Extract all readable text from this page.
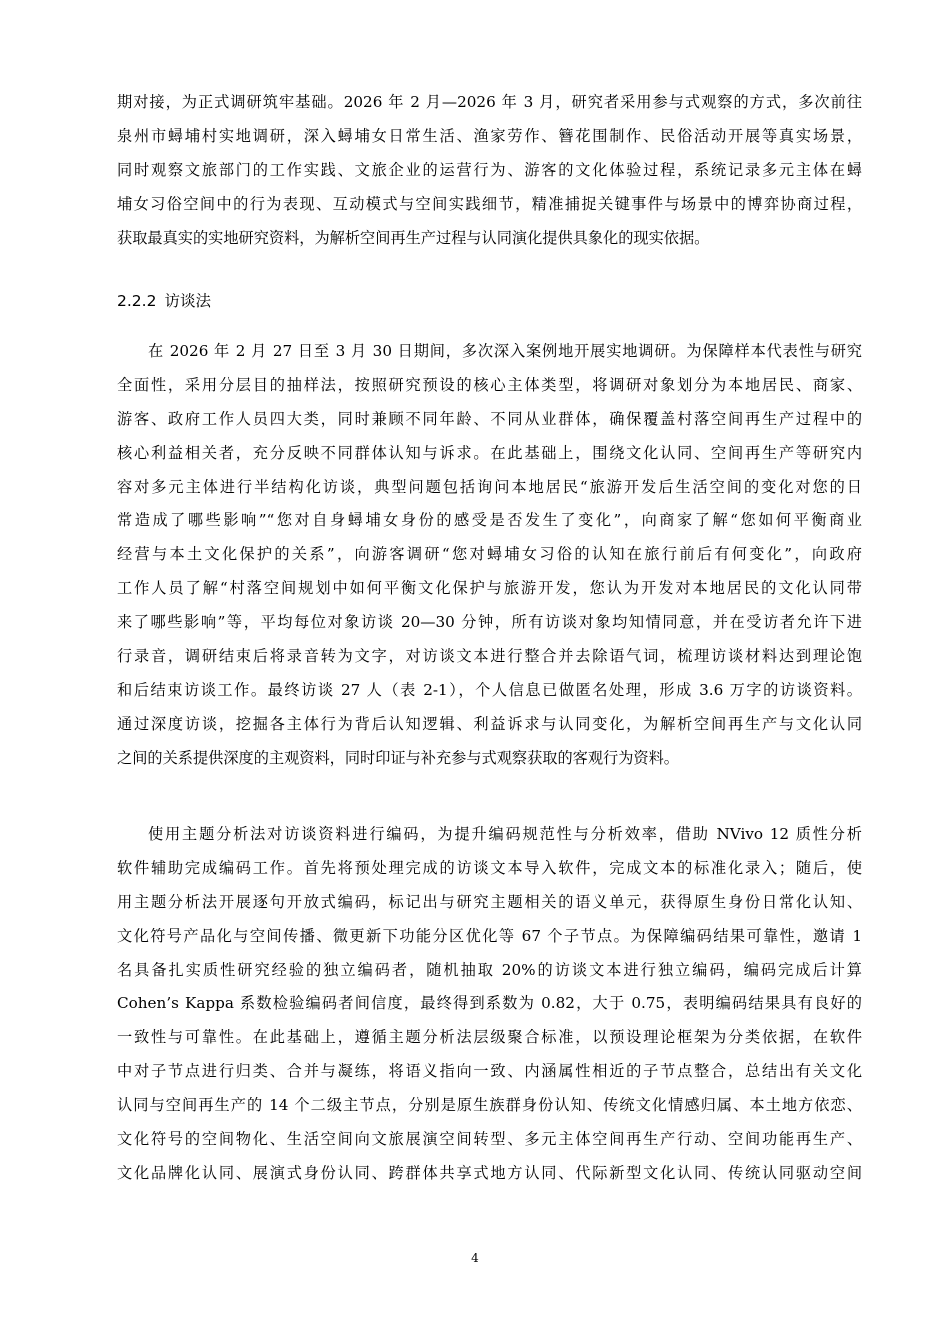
期对接，为正式调研筑牢基础。2026 年 2 月—2026 年 3 月，研究者采用参与式观察的方式，多次前往
泉州市蟳埔村实地调研，深入蟳埔女日常生活、渔家劳作、簪花围制作、民俗活动开展等真实场景，
同时观察文旅部门的工作实践、文旅企业的运营行为、游客的文化体验过程，系统记录多元主体在蟳
埔女习俗空间中的行为表现、互动模式与空间实践细节，精准捕捉关键事件与场景中的博弈协商过程，
获取最真实的实地研究资料，为解析空间再生产过程与认同演化提供具象化的现实依据。
2.2.2 访谈法
在 2026 年 2 月 27 日至 3 月 30 日期间，多次深入案例地开展实地调研。为保障样本代表性与研究
全面性，采用分层目的抽样法，按照研究预设的核心主体类型，将调研对象划分为本地居民、商家、
游客、政府工作人员四大类，同时兼顾不同年龄、不同从业群体，确保覆盖村落空间再生产过程中的
核心利益相关者，充分反映不同群体认知与诉求。在此基础上，围绕文化认同、空间再生产等研究内
容对多元主体进行半结构化访谈，典型问题包括询问本地居民“旅游开发后生活空间的变化对您的日
常造成了哪些影响”“您对自身蟳埔女身份的感受是否发生了变化”，向商家了解“您如何平衡商业
经营与本土文化保护的关系”，向游客调研“您对蟳埔女习俗的认知在旅行前后有何变化”，向政府
工作人员了解“村落空间规划中如何平衡文化保护与旅游开发，您认为开发对本地居民的文化认同带
来了哪些影响”等，平均每位对象访谈 20—30 分钟，所有访谈对象均知情同意，并在受访者允许下进
行录音，调研结束后将录音转为文字，对访谈文本进行整合并去除语气词，梳理访谈材料达到理论饱
和后结束访谈工作。最终访谈 27 人（表 2-1），个人信息已做匿名处理，形成 3.6 万字的访谈资料。
通过深度访谈，挖掘各主体行为背后认知逻辑、利益诉求与认同变化，为解析空间再生产与文化认同
之间的关系提供深度的主观资料，同时印证与补充参与式观察获取的客观行为资料。
使用主题分析法对访谈资料进行编码，为提升编码规范性与分析效率，借助 NVivo 12 质性分析
软件辅助完成编码工作。首先将预处理完成的访谈文本导入软件，完成文本的标准化录入；随后，使
用主题分析法开展逐句开放式编码，标记出与研究主题相关的语义单元，获得原生身份日常化认知、
文化符号产品化与空间传播、微更新下功能分区优化等 67 个子节点。为保障编码结果可靠性，邀请 1
名具备扎实质性研究经验的独立编码者，随机抽取 20%的访谈文本进行独立编码，编码完成后计算
Cohen’s Kappa 系数检验编码者间信度，最终得到系数为 0.82，大于 0.75，表明编码结果具有良好的
一致性与可靠性。在此基础上，遵循主题分析法层级聚合标准，以预设理论框架为分类依据，在软件
中对子节点进行归类、合并与凝练，将语义指向一致、内涵属性相近的子节点整合，总结出有关文化
认同与空间再生产的 14 个二级主节点，分别是原生族群身份认知、传统文化情感归属、本土地方依恋、
文化符号的空间物化、生活空间向文旅展演空间转型、多元主体空间再生产行动、空间功能再生产、
文化品牌化认同、展演式身份认同、跨群体共享式地方认同、代际新型文化认同、传统认同驱动空间
4
